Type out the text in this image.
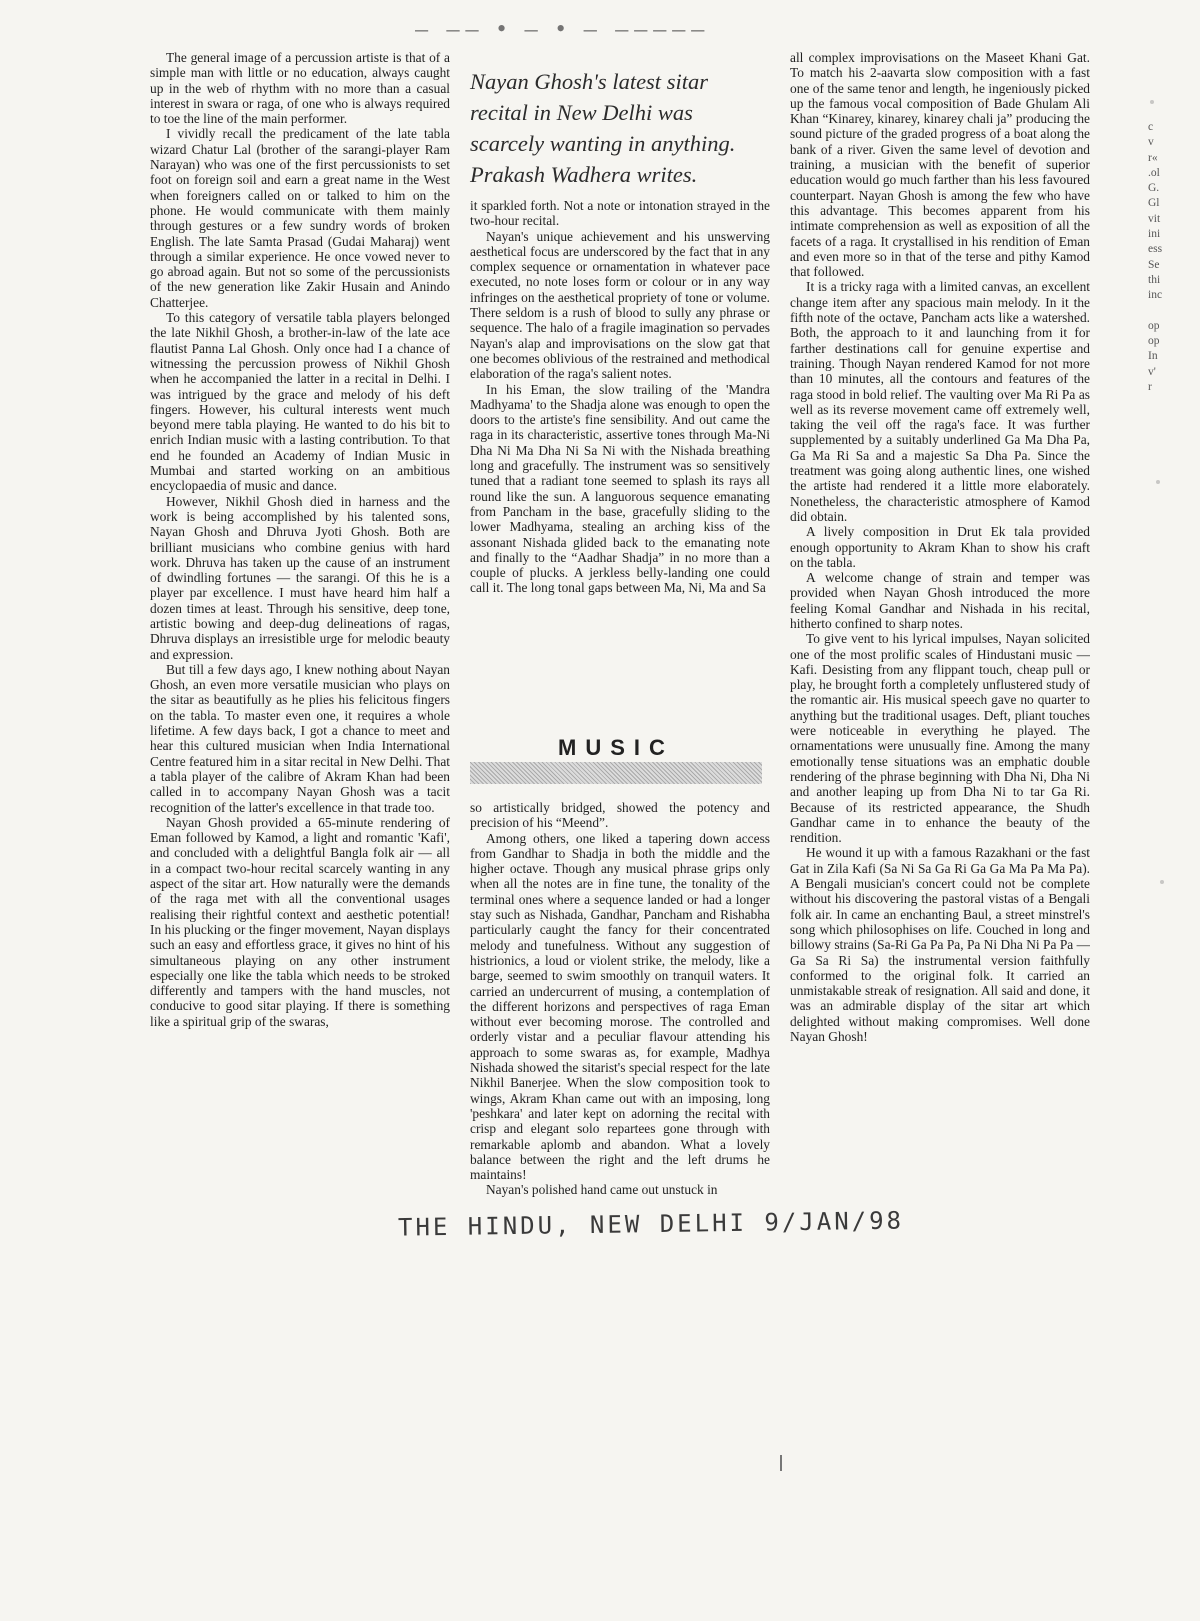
‒ ‒‒ • ‒ • ‒ ‒‒‒‒‒

The general image of a percussion artiste is that of a simple man with little or no education, always caught up in the web of rhythm with no more than a casual interest in swara or raga, of one who is always required to toe the line of the main performer.

I vividly recall the predicament of the late tabla wizard Chatur Lal (brother of the sarangi-player Ram Narayan) who was one of the first percussionists to set foot on foreign soil and earn a great name in the West when foreigners called on or talked to him on the phone. He would communicate with them mainly through gestures or a few sundry words of broken English. The late Samta Prasad (Gudai Maharaj) went through a similar experience. He once vowed never to go abroad again. But not so some of the percussionists of the new generation like Zakir Husain and Anindo Chatterjee.

To this category of versatile tabla players belonged the late Nikhil Ghosh, a brother-in-law of the late ace flautist Panna Lal Ghosh. Only once had I a chance of witnessing the percussion prowess of Nikhil Ghosh when he accompanied the latter in a recital in Delhi. I was intrigued by the grace and melody of his deft fingers. However, his cultural interests went much beyond mere tabla playing. He wanted to do his bit to enrich Indian music with a lasting contribution. To that end he founded an Academy of Indian Music in Mumbai and started working on an ambitious encyclopaedia of music and dance.

However, Nikhil Ghosh died in harness and the work is being accomplished by his talented sons, Nayan Ghosh and Dhruva Jyoti Ghosh. Both are brilliant musicians who combine genius with hard work. Dhruva has taken up the cause of an instrument of dwindling fortunes — the sarangi. Of this he is a player par excellence. I must have heard him half a dozen times at least. Through his sensitive, deep tone, artistic bowing and deep-dug delineations of ragas, Dhruva displays an irresistible urge for melodic beauty and expression.

But till a few days ago, I knew nothing about Nayan Ghosh, an even more versatile musician who plays on the sitar as beautifully as he plies his felicitous fingers on the tabla. To master even one, it requires a whole lifetime. A few days back, I got a chance to meet and hear this cultured musician when India International Centre featured him in a sitar recital in New Delhi. That a tabla player of the calibre of Akram Khan had been called in to accompany Nayan Ghosh was a tacit recognition of the latter's excellence in that trade too.

Nayan Ghosh provided a 65-minute rendering of Eman followed by Kamod, a light and romantic 'Kafi', and concluded with a delightful Bangla folk air — all in a compact two-hour recital scarcely wanting in any aspect of the sitar art. How naturally were the demands of the raga met with all the conventional usages realising their rightful context and aesthetic potential! In his plucking or the finger movement, Nayan displays such an easy and effortless grace, it gives no hint of his simultaneous playing on any other instrument especially one like the tabla which needs to be stroked differently and tampers with the hand muscles, not conducive to good sitar playing. If there is something like a spiritual grip of the swaras,

Nayan Ghosh's latest sitar recital in New Delhi was scarcely wanting in anything. Prakash Wadhera writes.

it sparkled forth. Not a note or intonation strayed in the two-hour recital.

Nayan's unique achievement and his unswerving aesthetical focus are underscored by the fact that in any complex sequence or ornamentation in whatever pace executed, no note loses form or colour or in any way infringes on the aesthetical propriety of tone or volume. There seldom is a rush of blood to sully any phrase or sequence. The halo of a fragile imagination so pervades Nayan's alap and improvisations on the slow gat that one becomes oblivious of the restrained and methodical elaboration of the raga's salient notes.

In his Eman, the slow trailing of the 'Mandra Madhyama' to the Shadja alone was enough to open the doors to the artiste's fine sensibility. And out came the raga in its characteristic, assertive tones through Ma-Ni Dha Ni Ma Dha Ni Sa Ni with the Nishada breathing long and gracefully. The instrument was so sensitively tuned that a radiant tone seemed to splash its rays all round like the sun. A languorous sequence emanating from Pancham in the base, gracefully sliding to the lower Madhyama, stealing an arching kiss of the assonant Nishada glided back to the emanating note and finally to the “Aadhar Shadja” in no more than a couple of plucks. A jerkless belly-landing one could call it. The long tonal gaps between Ma, Ni, Ma and Sa

MUSIC

so artistically bridged, showed the potency and precision of his “Meend”.

Among others, one liked a tapering down access from Gandhar to Shadja in both the middle and the higher octave. Though any musical phrase grips only when all the notes are in fine tune, the tonality of the terminal ones where a sequence landed or had a longer stay such as Nishada, Gandhar, Pancham and Rishabha particularly caught the fancy for their concentrated melody and tunefulness. Without any suggestion of histrionics, a loud or violent strike, the melody, like a barge, seemed to swim smoothly on tranquil waters. It carried an undercurrent of musing, a contemplation of the different horizons and perspectives of raga Eman without ever becoming morose. The controlled and orderly vistar and a peculiar flavour attending his approach to some swaras as, for example, Madhya Nishada showed the sitarist's special respect for the late Nikhil Banerjee. When the slow composition took to wings, Akram Khan came out with an imposing, long 'peshkara' and later kept on adorning the recital with crisp and elegant solo repartees gone through with remarkable aplomb and abandon. What a lovely balance between the right and the left drums he maintains!

Nayan's polished hand came out unstuck in

all complex improvisations on the Maseet Khani Gat. To match his 2-aavarta slow composition with a fast one of the same tenor and length, he ingeniously picked up the famous vocal composition of Bade Ghulam Ali Khan “Kinarey, kinarey, kinarey chali ja” producing the sound picture of the graded progress of a boat along the bank of a river. Given the same level of devotion and training, a musician with the benefit of superior education would go much farther than his less favoured counterpart. Nayan Ghosh is among the few who have this advantage. This becomes apparent from his intimate comprehension as well as exposition of all the facets of a raga. It crystallised in his rendition of Eman and even more so in that of the terse and pithy Kamod that followed.

It is a tricky raga with a limited canvas, an excellent change item after any spacious main melody. In it the fifth note of the octave, Pancham acts like a watershed. Both, the approach to it and launching from it for farther destinations call for genuine expertise and training. Though Nayan rendered Kamod for not more than 10 minutes, all the contours and features of the raga stood in bold relief. The vaulting over Ma Ri Pa as well as its reverse movement came off extremely well, taking the veil off the raga's face. It was further supplemented by a suitably underlined Ga Ma Dha Pa, Ga Ma Ri Sa and a majestic Sa Dha Pa. Since the treatment was going along authentic lines, one wished the artiste had rendered it a little more elaborately. Nonetheless, the characteristic atmosphere of Kamod did obtain.

A lively composition in Drut Ek tala provided enough opportunity to Akram Khan to show his craft on the tabla.

A welcome change of strain and temper was provided when Nayan Ghosh introduced the more feeling Komal Gandhar and Nishada in his recital, hitherto confined to sharp notes.

To give vent to his lyrical impulses, Nayan solicited one of the most prolific scales of Hindustani music — Kafi. Desisting from any flippant touch, cheap pull or play, he brought forth a completely unflustered study of the romantic air. His musical speech gave no quarter to anything but the traditional usages. Deft, pliant touches were noticeable in everything he played. The ornamentations were unusually fine. Among the many emotionally tense situations was an emphatic double rendering of the phrase beginning with Dha Ni, Dha Ni and another leaping up from Dha Ni to tar Ga Ri. Because of its restricted appearance, the Shudh Gandhar came in to enhance the beauty of the rendition.

He wound it up with a famous Razakhani or the fast Gat in Zila Kafi (Sa Ni Sa Ga Ri Ga Ga Ma Pa Ma Pa). A Bengali musician's concert could not be complete without his discovering the pastoral vistas of a Bengali folk air. In came an enchanting Baul, a street minstrel's song which philosophises on life. Couched in long and billowy strains (Sa-Ri Ga Pa Pa, Pa Ni Dha Ni Pa Pa — Ga Sa Ri Sa) the instrumental version faithfully conformed to the original folk. It carried an unmistakable streak of resignation. All said and done, it was an admirable display of the sitar art which delighted without making compromises. Well done Nayan Ghosh!

c
v
r«
.ol
G.
Gl
vit
ini
ess
Se
thi
inc

op
op
In
v'
r
THE HINDU, NEW DELHI 9/JAN/98
